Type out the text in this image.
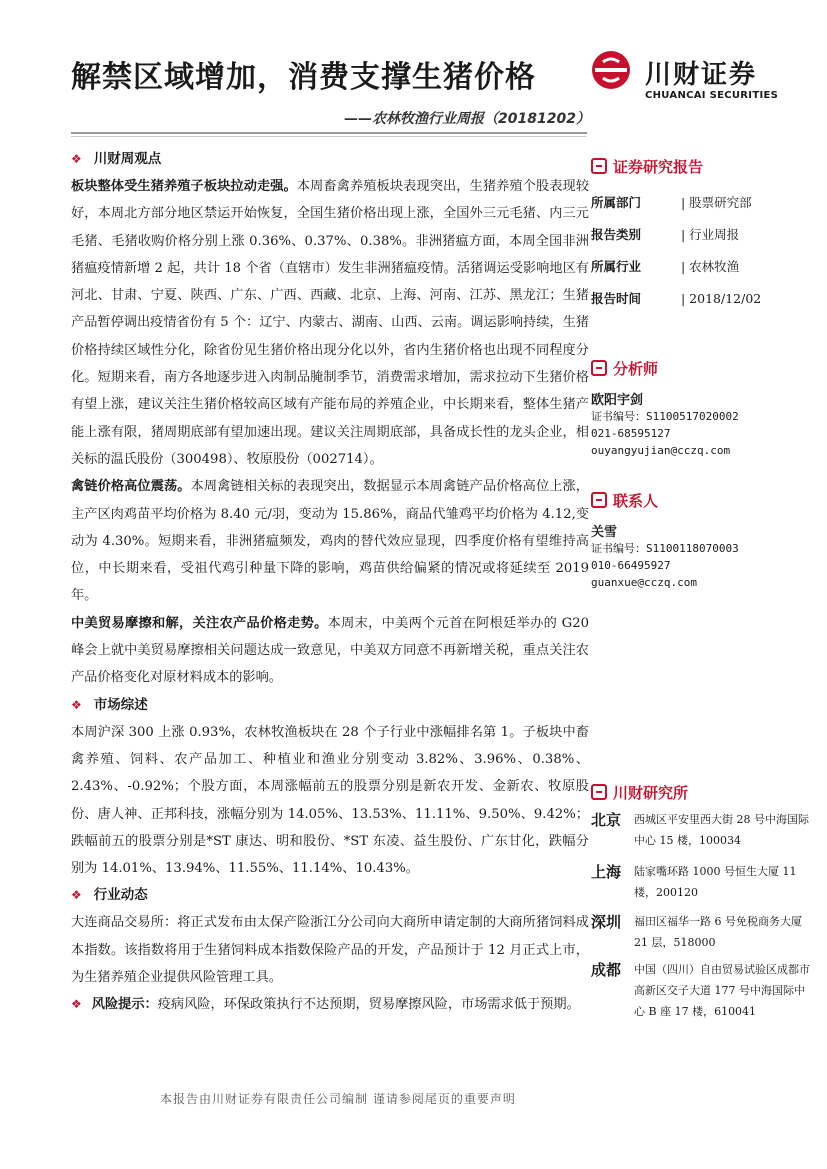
解禁区域增加，消费支撑生猪价格	川财证券
CHUANCAI SECURITIES
——农林牧渔行业周报（20181202）
❖ 川财周观点

板块整体受生猪养殖子板块拉动走强。本周畜禽养殖板块表现突出，生猪养殖个股表现较好，本周北方部分地区禁运开始恢复，全国生猪价格出现上涨，全国外三元毛猪、内三元毛猪、毛猪收购价格分别上涨 0.36%、0.37%、0.38%。非洲猪瘟方面，本周全国非洲猪瘟疫情新增 2 起，共计 18 个省（直辖市）发生非洲猪瘟疫情。活猪调运受影响地区有河北、甘肃、宁夏、陕西、广东、广西、西藏、北京、上海、河南、江苏、黑龙江；生猪产品暂停调出疫情省份有 5 个：辽宁、内蒙古、湖南、山西、云南。调运影响持续，生猪价格持续区域性分化，除省份见生猪价格出现分化以外，省内生猪价格也出现不同程度分化。短期来看，南方各地逐步进入肉制品腌制季节，消费需求增加，需求拉动下生猪价格有望上涨，建议关注生猪价格较高区域有产能布局的养殖企业，中长期来看，整体生猪产能上涨有限，猪周期底部有望加速出现。建议关注周期底部，具备成长性的龙头企业，相关标的温氏股份（300498）、牧原股份（002714）。

禽链价格高位震荡。本周禽链相关标的表现突出，数据显示本周禽链产品价格高位上涨，主产区肉鸡苗平均价格为 8.40 元/羽，变动为 15.86%，商品代雏鸡平均价格为 4.12,变动为 4.30%。短期来看，非洲猪瘟频发，鸡肉的替代效应显现，四季度价格有望维持高位，中长期来看，受祖代鸡引种量下降的影响，鸡苗供给偏紧的情况或将延续至 2019 年。

中美贸易摩擦和解，关注农产品价格走势。本周末，中美两个元首在阿根廷举办的 G20 峰会上就中美贸易摩擦相关问题达成一致意见，中美双方同意不再新增关税，重点关注农产品价格变化对原材料成本的影响。

❖ 市场综述

本周沪深 300 上涨 0.93%，农林牧渔板块在 28 个子行业中涨幅排名第 1。子板块中畜禽养殖、饲料、农产品加工、种植业和渔业分别变动 3.82%、3.96%、0.38%、2.43%、-0.92%；个股方面，本周涨幅前五的股票分别是新农开发、金新农、牧原股份、唐人神、正邦科技，涨幅分别为 14.05%、13.53%、11.11%、9.50%、9.42%；跌幅前五的股票分别是*ST 康达、明和股份、*ST 东凌、益生股份、广东甘化，跌幅分别为 14.01%、13.94%、11.55%、11.14%、10.43%。

❖ 行业动态

大连商品交易所：将正式发布由太保产险浙江分公司向大商所申请定制的大商所猪饲料成本指数。该指数将用于生猪饲料成本指数保险产品的开发，产品预计于 12 月正式上市，为生猪养殖企业提供风险管理工具。

❖ 风险提示：疫病风险，环保政策执行不达预期，贸易摩擦风险，市场需求低于预期。

证券研究报告
所属部门	| 股票研究部
报告类别	| 行业周报
所属行业	| 农林牧渔
报告时间	| 2018/12/02
分析师
欧阳宇剑
证书编号：S1100517020002
021-68595127
ouyangyujian@cczq.com
联系人
关雪
证书编号：S1100118070003
010-66495927
guanxue@cczq.com
川财研究所
北京 西城区平安里西大街 28 号中海国际中心 15 楼，100034
上海 陆家嘴环路 1000 号恒生大厦 11 楼，200120
深圳 福田区福华一路 6 号免税商务大厦 21 层，518000
成都 中国（四川）自由贸易试验区成都市高新区交子大道 177 号中海国际中心 B 座 17 楼，610041
本报告由川财证券有限责任公司编制 谨请参阅尾页的重要声明
